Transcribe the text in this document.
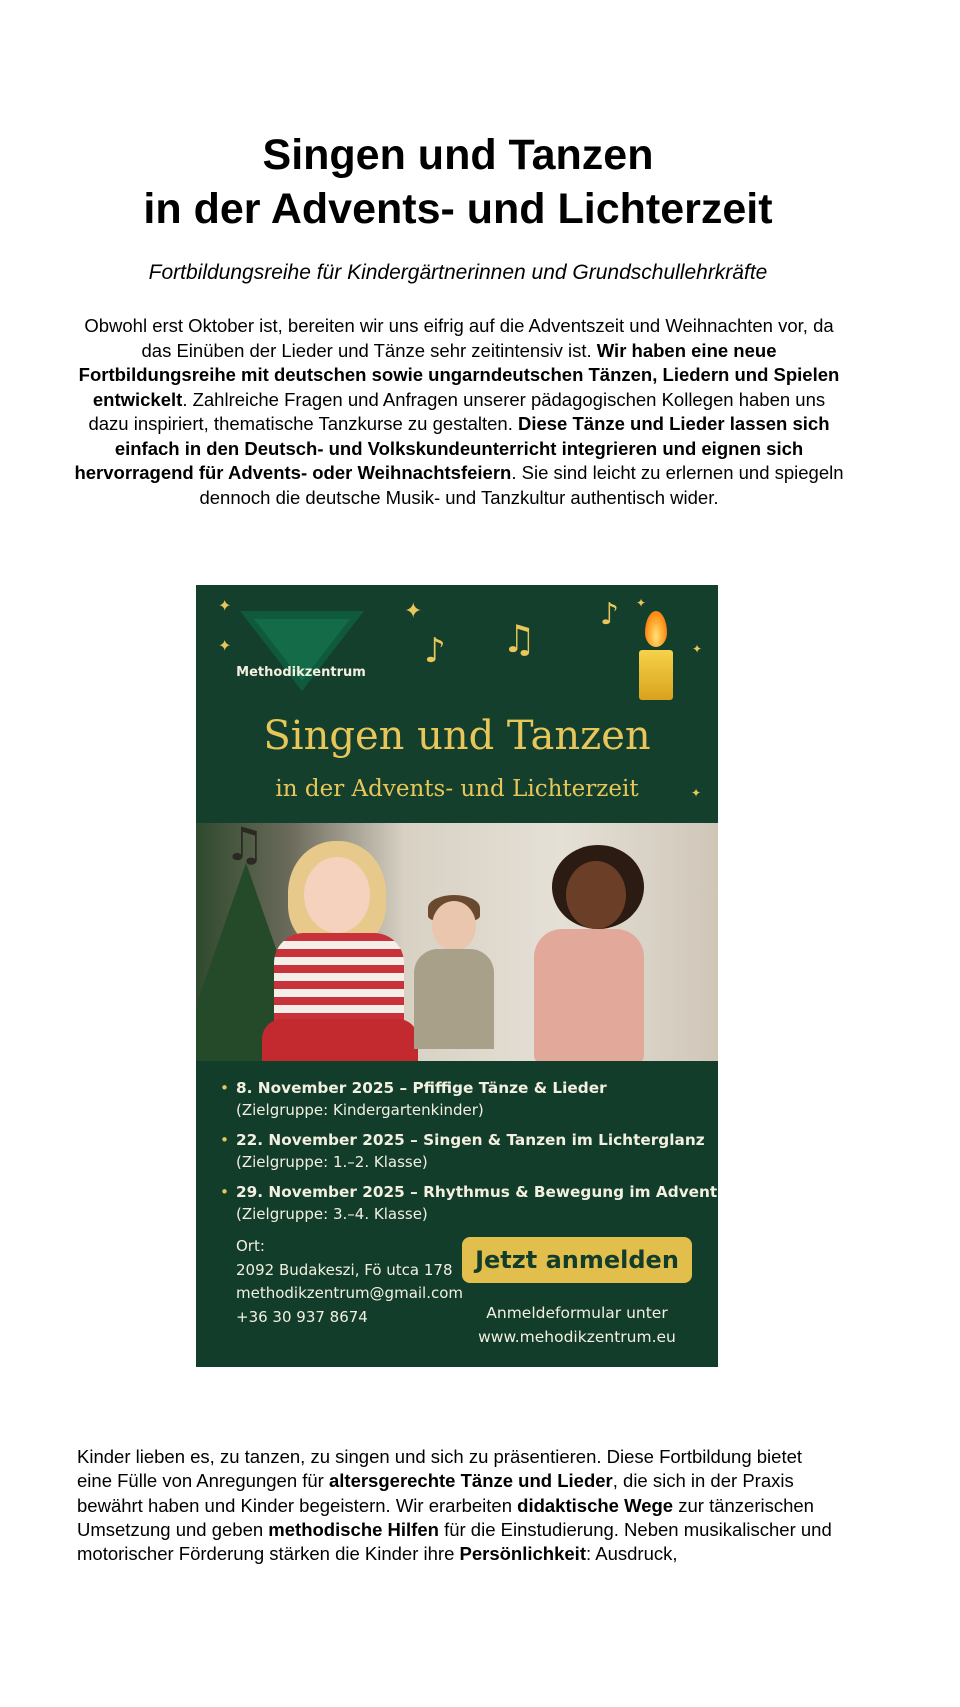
Singen und Tanzen
in der Advents- und Lichterzeit
Fortbildungsreihe für Kindergärtnerinnen und Grundschullehrkräfte
Obwohl erst Oktober ist, bereiten wir uns eifrig auf die Adventszeit und Weihnachten vor, da das Einüben der Lieder und Tänze sehr zeitintensiv ist. Wir haben eine neue Fortbildungsreihe mit deutschen sowie ungarndeutschen Tänzen, Liedern und Spielen entwickelt. Zahlreiche Fragen und Anfragen unserer pädagogischen Kollegen haben uns dazu inspiriert, thematische Tanzkurse zu gestalten. Diese Tänze und Lieder lassen sich einfach in den Deutsch- und Volkskundeunterricht integrieren und eignen sich hervorragend für Advents- oder Weihnachtsfeiern. Sie sind leicht zu erlernen und spiegeln dennoch die deutsche Musik- und Tanzkultur authentisch wider.
Methodikzentrum
✦
✦
✦	✦
✦
✦
♪ ♫
♪
Singen und Tanzen
in der Advents- und Lichterzeit
♫
• 8. November 2025 – Pfiffige Tänze & Lieder
(Zielgruppe: Kindergartenkinder)
• 22. November 2025 – Singen & Tanzen im Lichterglanz
(Zielgruppe: 1.–2. Klasse)
• 29. November 2025 – Rhythmus & Bewegung im Advent
(Zielgruppe: 3.–4. Klasse)
Ort:
2092 Budakeszi, Fö utca 178
methodikzentrum@gmail.com
+36 30 937 8674
Jetzt anmelden
Anmeldeformular unter
www.mehodikzentrum.eu
Kinder lieben es, zu tanzen, zu singen und sich zu präsentieren. Diese Fortbildung bietet eine Fülle von Anregungen für altersgerechte Tänze und Lieder, die sich in der Praxis bewährt haben und Kinder begeistern. Wir erarbeiten didaktische Wege zur tänzerischen Umsetzung und geben methodische Hilfen für die Einstudierung. Neben musikalischer und motorischer Förderung stärken die Kinder ihre Persönlichkeit: Ausdruck,
